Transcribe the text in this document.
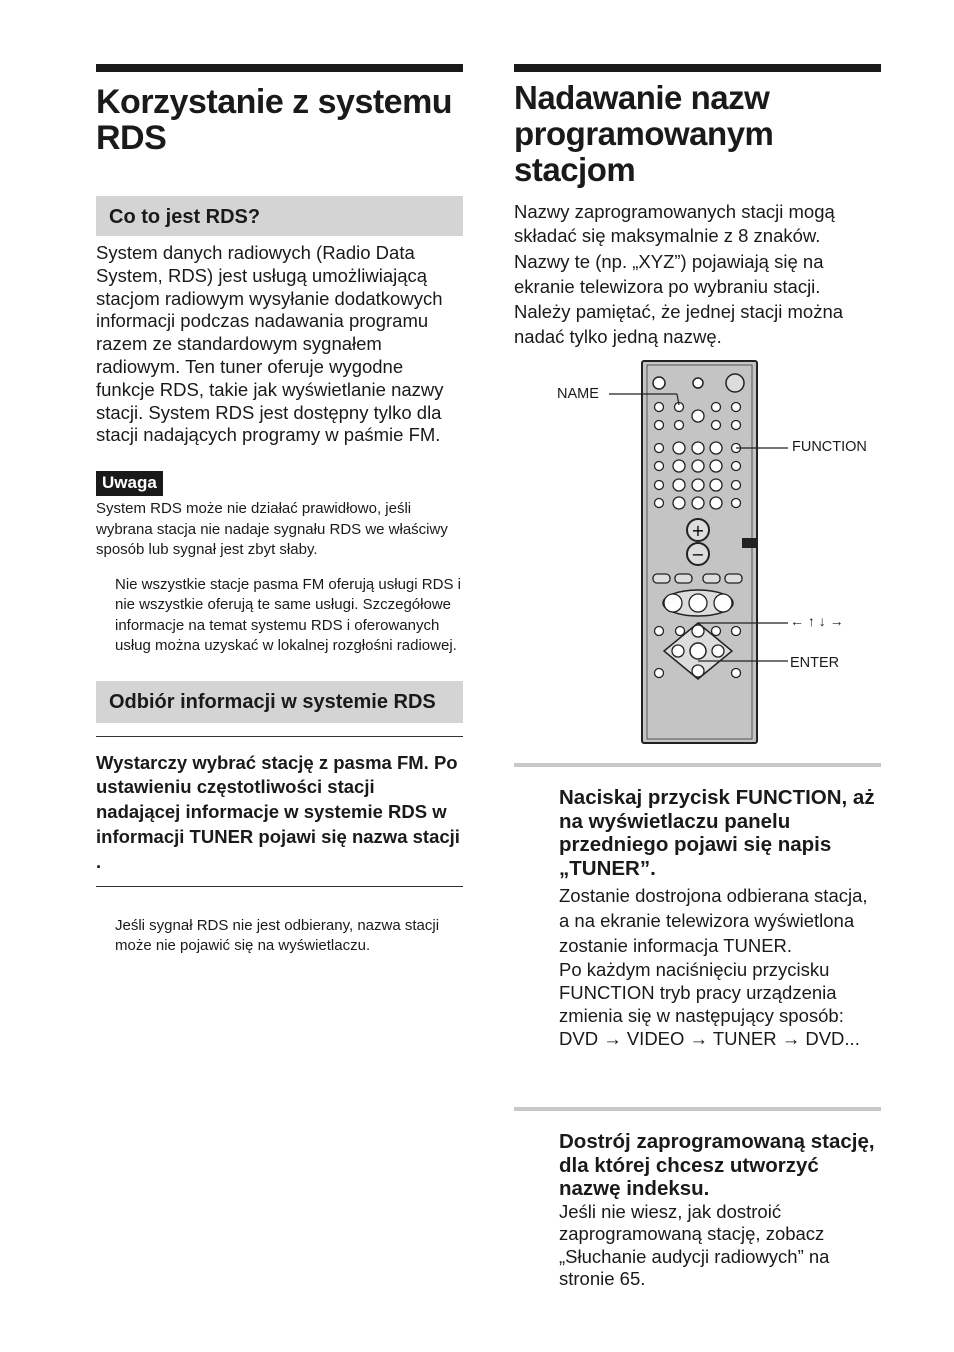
Korzystanie z systemu RDS
Co to jest RDS?

System danych radiowych (Radio Data System, RDS) jest usługą umożliwiającą stacjom radiowym wysyłanie dodatkowych informacji podczas nadawania programu razem ze standardowym sygnałem radiowym. Ten tuner oferuje wygodne funkcje RDS, takie jak wyświetlanie nazwy stacji. System RDS jest dostępny tylko dla stacji nadających programy w paśmie FM.

Uwaga

System RDS może nie działać prawidłowo, jeśli wybrana stacja nie nadaje sygnału RDS we właściwy sposób lub sygnał jest zbyt słaby.

Nie wszystkie stacje pasma FM oferują usługi RDS i nie wszystkie oferują te same usługi. Szczegółowe informacje na temat systemu RDS i oferowanych usług można uzyskać w lokalnej rozgłośni radiowej.

Odbiór informacji w systemie RDS

Wystarczy wybrać stację z pasma FM. Po ustawieniu częstotliwości stacji nadającej informacje w systemie RDS w informacji TUNER pojawi się nazwa stacji .

Jeśli sygnał RDS nie jest odbierany, nazwa stacji może nie pojawić się na wyświetlaczu.

Nadawanie nazw programowanym stacjom

Nazwy zaprogramowanych stacji mogą składać się maksymalnie z 8 znaków.

Nazwy te (np. „XYZ”) pojawiają się na ekranie telewizora po wybraniu stacji. Należy pamiętać, że jednej stacji można nadać tylko jedną nazwę.

+
−
NAME
FUNCTION
← ↑ ↓ →
ENTER

Naciskaj przycisk FUNCTION, aż na wyświetlaczu panelu przedniego pojawi się napis „TUNER”.

Zostanie dostrojona odbierana stacja, a na ekranie telewizora wyświetlona zostanie informacja TUNER.

Po każdym naciśnięciu przycisku FUNCTION tryb pracy urządzenia zmienia się w następujący sposób:

DVD → VIDEO → TUNER → DVD...

Dostrój zaprogramowaną stację, dla której chcesz utworzyć nazwę indeksu.

Jeśli nie wiesz, jak dostroić zaprogramowaną stację, zobacz „Słuchanie audycji radiowych” na stronie 65.
